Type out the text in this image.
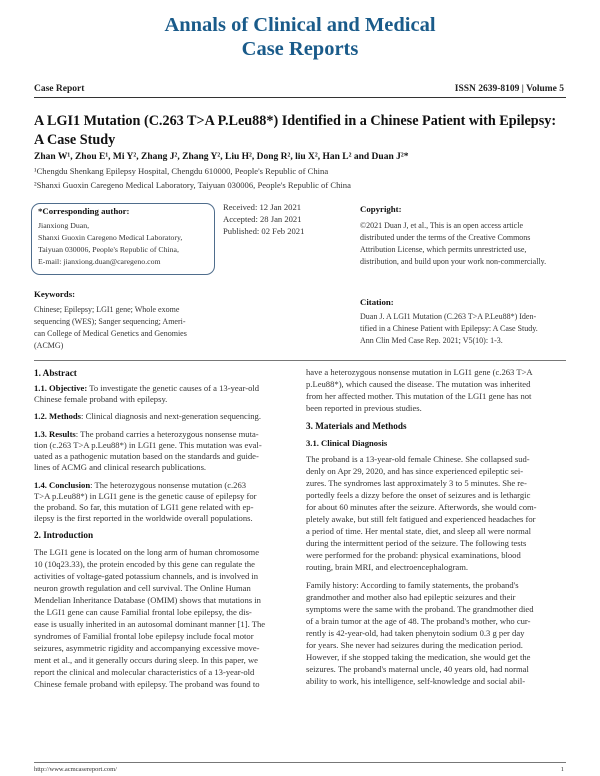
Annals of Clinical and Medical
Case Reports
Case Report	ISSN 2639-8109 | Volume 5
A LGI1 Mutation (C.263 T>A P.Leu88*) Identified in a Chinese Patient with Epilepsy:
A Case Study
Zhan W¹, Zhou E¹, Mi Y², Zhang J², Zhang Y², Liu H², Dong R², liu X², Han L² and Duan J²*
¹Chengdu Shenkang Epilepsy Hospital, Chengdu 610000, People's Republic of China
²Shanxi Guoxin Caregeno Medical Laboratory, Taiyuan 030006, People's Republic of China
*Corresponding author:
Jianxiong Duan,
Shanxi Guoxin Caregeno Medical Laboratory,
Taiyuan 030006, People's Republic of China,
E-mail: jianxiong.duan@caregeno.com
Received: 12 Jan 2021
Accepted: 28 Jan 2021
Published: 02 Feb 2021
Copyright:
©2021 Duan J, et al., This is an open access article
distributed under the terms of the Creative Commons
Attribution License, which permits unrestricted use,
distribution, and build upon your work non-commercially.
Keywords:
Chinese; Epilepsy; LGI1 gene; Whole exome
sequencing (WES); Sanger sequencing; Ameri-
can College of Medical Genetics and Genomies
(ACMG)
Citation:
Duan J. A LGI1 Mutation (C.263 T>A P.Leu88*) Iden-
tified in a Chinese Patient with Epilepsy: A Case Study.
Ann Clin Med Case Rep. 2021; V5(10): 1-3.
1. Abstract
1.1. Objective: To investigate the genetic causes of a 13-year-old
Chinese female proband with epilepsy.
1.2. Methods: Clinical diagnosis and next-generation sequencing.
1.3. Results: The proband carries a heterozygous nonsense muta-
tion (c.263 T>A p.Leu88*) in LGI1 gene. This mutation was eval-
uated as a pathogenic mutation based on the standards and guide-
lines of ACMG and clinical research publications.
1.4. Conclusion: The heterozygous nonsense mutation (c.263
T>A p.Leu88*) in LGI1 gene is the genetic cause of epilepsy for
the proband. So far, this mutation of LGI1 gene related with ep-
ilepsy is the first reported in the worldwide overall populations.
2. Introduction
The LGI1 gene is located on the long arm of human chromosome
10 (10q23.33), the protein encoded by this gene can regulate the
activities of voltage-gated potassium channels, and is involved in
neuron growth regulation and cell survival. The Online Human
Mendelian Inheritance Database (OMIM) shows that mutations in
the LGI1 gene can cause Familial frontal lobe epilepsy, the dis-
ease is usually inherited in an autosomal dominant manner [1]. The
syndromes of Familial frontal lobe epilepsy include focal motor
seizures, asymmetric rigidity and accompanying excessive move-
ment et al., and it generally occurs during sleep. In this paper, we
report the clinical and molecular characteristics of a 13-year-old
Chinese female proband with epilepsy. The proband was found to
have a heterozygous nonsense mutation in LGI1 gene (c.263 T>A
p.Leu88*), which caused the disease. The mutation was inherited
from her affected mother. This mutation of the LGI1 gene has not
been reported in previous studies.
3. Materials and Methods
3.1. Clinical Diagnosis
The proband is a 13-year-old female Chinese. She collapsed sud-
denly on Apr 29, 2020, and has since experienced epileptic sei-
zures. The syndromes last approximately 3 to 5 minutes. She re-
portedly feels a dizzy before the onset of seizures and is lethargic
for about 60 minutes after the seizure. Afterwords, she would com-
pletely awake, but still felt fatigued and experienced headaches for
a period of time. Her mental state, diet, and sleep all were normal
during the intermittent period of the seizure. The following tests
were performed for the proband: physical examinations, blood
routing, brain MRI, and electroencephalogram.
Family history: According to family statements, the proband's
grandmother and mother also had epileptic seizures and their
symptoms were the same with the proband. The grandmother died
of a brain tumor at the age of 48. The proband's mother, who cur-
rently is 42-year-old, had taken phenytoin sodium 0.3 g per day
for years. She never had seizures during the medication period.
However, if she stopped taking the medication, she would get the
seizures. The proband's maternal uncle, 40 years old, had normal
ability to work, his intelligence, self-knowledge and social abil-
http://www.acmcasereport.com/	1
